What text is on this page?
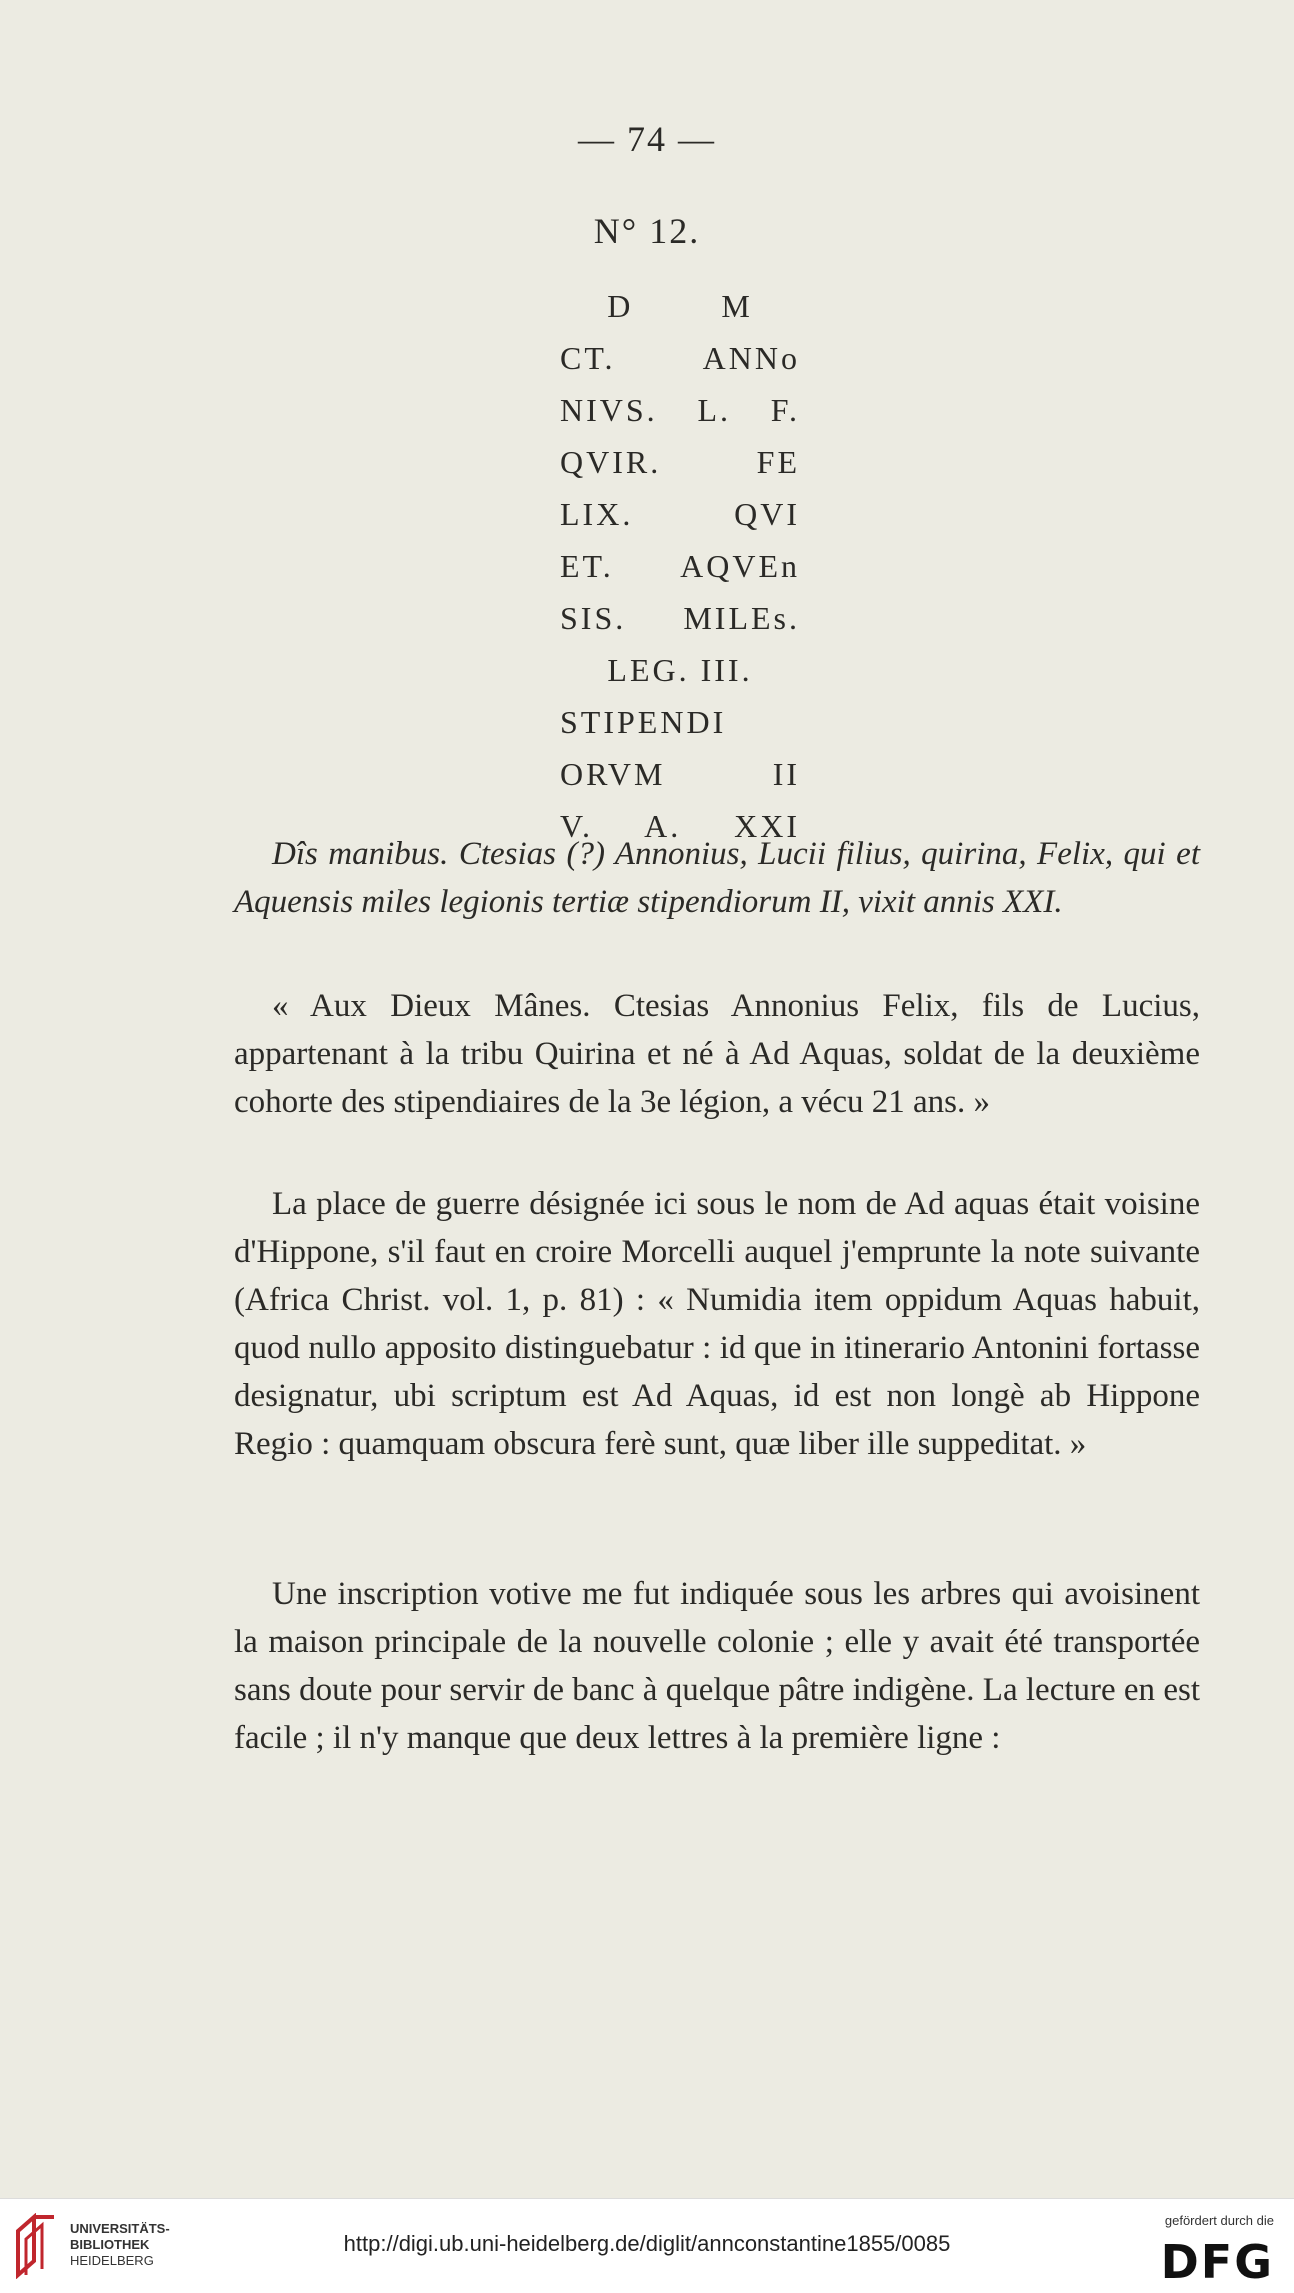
— 74 —
N° 12.
D        M
CT. ANNo
NIVS. L. F.
QVIR. FE
LIX. QVI
ET. AQVEn
SIS. MILEs.
LEG. III.
STIPENDI
ORVM II
V. A. XXI

Dîs manibus. Ctesias (?) Annonius, Lucii filius, quirina, Felix, qui et Aquensis miles legionis tertiæ stipendiorum II, vixit annis XXI.

« Aux Dieux Mânes. Ctesias Annonius Felix, fils de Lucius, appartenant à la tribu Quirina et né à Ad Aquas, soldat de la deuxième cohorte des stipendiaires de la 3e légion, a vécu 21 ans. »

La place de guerre désignée ici sous le nom de Ad aquas était voisine d'Hippone, s'il faut en croire Morcelli auquel j'emprunte la note suivante (Africa Christ. vol. 1, p. 81) : « Numidia item oppidum Aquas habuit, quod nullo apposito distinguebatur : id que in itinerario Antonini fortasse designatur, ubi scriptum est Ad Aquas, id est non longè ab Hippone Regio : quamquam obscura ferè sunt, quæ liber ille suppeditat. »

Une inscription votive me fut indiquée sous les arbres qui avoisinent la maison principale de la nouvelle colonie ; elle y avait été transportée sans doute pour servir de banc à quelque pâtre indigène. La lecture en est facile ; il n'y manque que deux lettres à la première ligne :

UNIVERSITÄTS-
BIBLIOTHEK
HEIDELBERG
http://digi.ub.uni-heidelberg.de/diglit/annconstantine1855/0085
gefördert durch die
DFG
